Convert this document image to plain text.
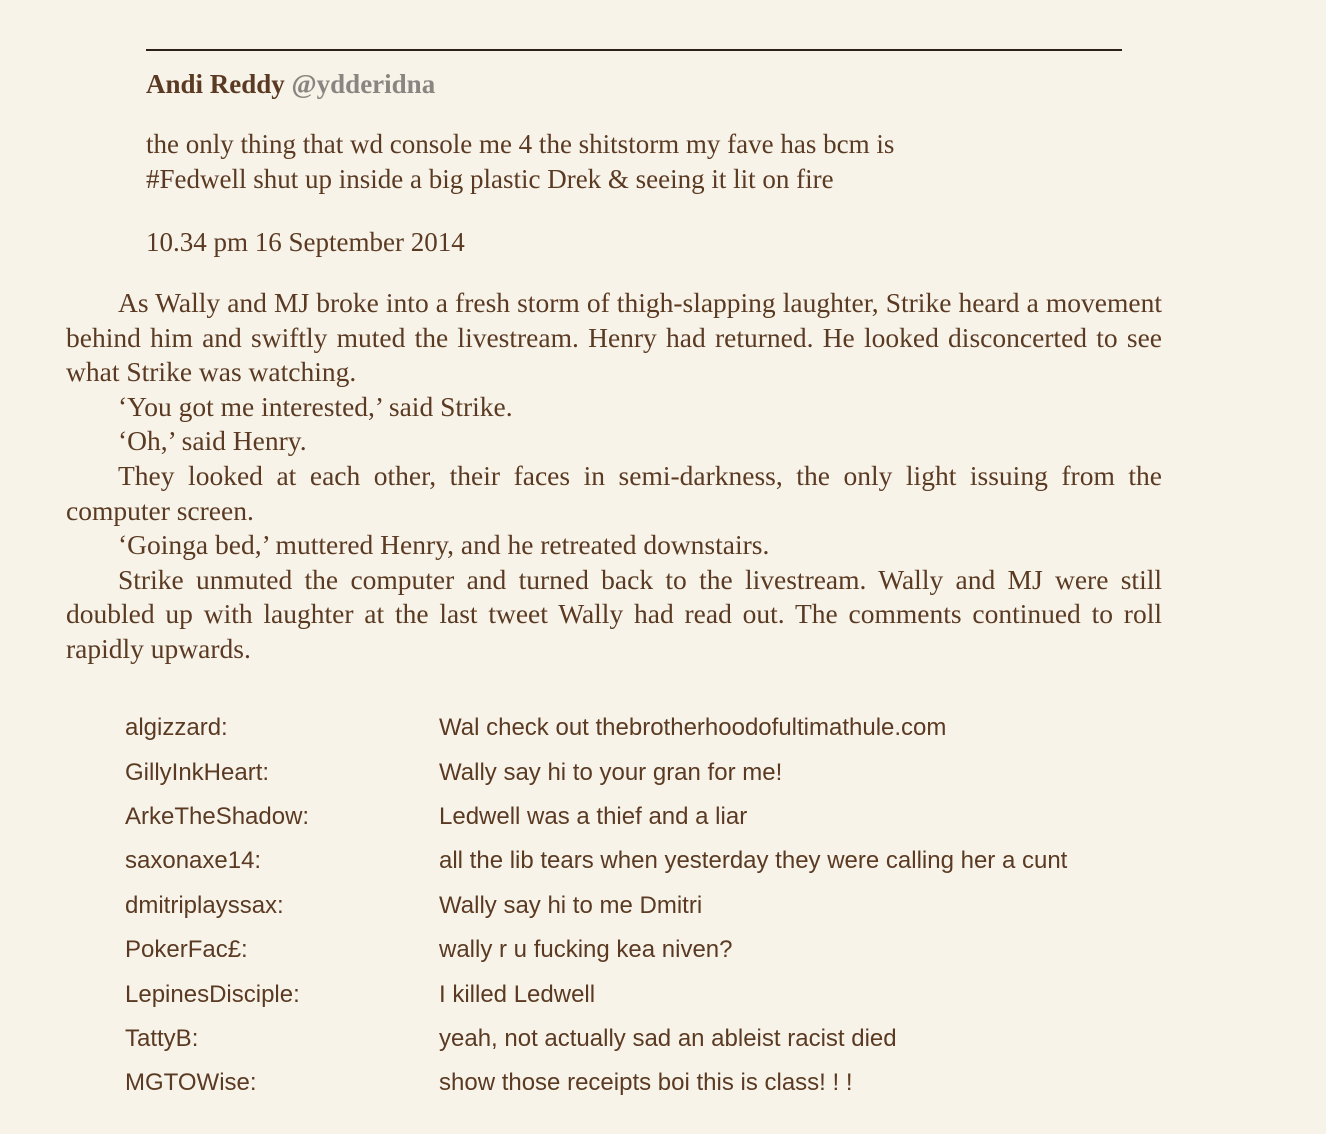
Andi Reddy @ydderidna
the only thing that wd console me 4 the shitstorm my fave has bcm is
#Fedwell shut up inside a big plastic Drek & seeing it lit on fire
10.34 pm 16 September 2014

As Wally and MJ broke into a fresh storm of thigh-slapping laughter, Strike heard a movement behind him and swiftly muted the livestream. Henry had returned. He looked disconcerted to see what Strike was watching.

‘You got me interested,’ said Strike.

‘Oh,’ said Henry.

They looked at each other, their faces in semi-darkness, the only light issuing from the computer screen.

‘Goinga bed,’ muttered Henry, and he retreated downstairs.

Strike unmuted the computer and turned back to the livestream. Wally and MJ were still doubled up with laughter at the last tweet Wally had read out. The comments continued to roll rapidly upwards.

algizzard:	Wal check out thebrotherhoodofultimathule.com
GillyInkHeart:	Wally say hi to your gran for me!
ArkeTheShadow:	Ledwell was a thief and a liar
saxonaxe14:	all the lib tears when yesterday they were calling her a cunt
dmitriplayssax:	Wally say hi to me Dmitri
PokerFac£:	wally r u fucking kea niven?
LepinesDisciple:	I killed Ledwell
TattyB:	yeah, not actually sad an ableist racist died
MGTOWise:	show those receipts boi this is class! ! !
